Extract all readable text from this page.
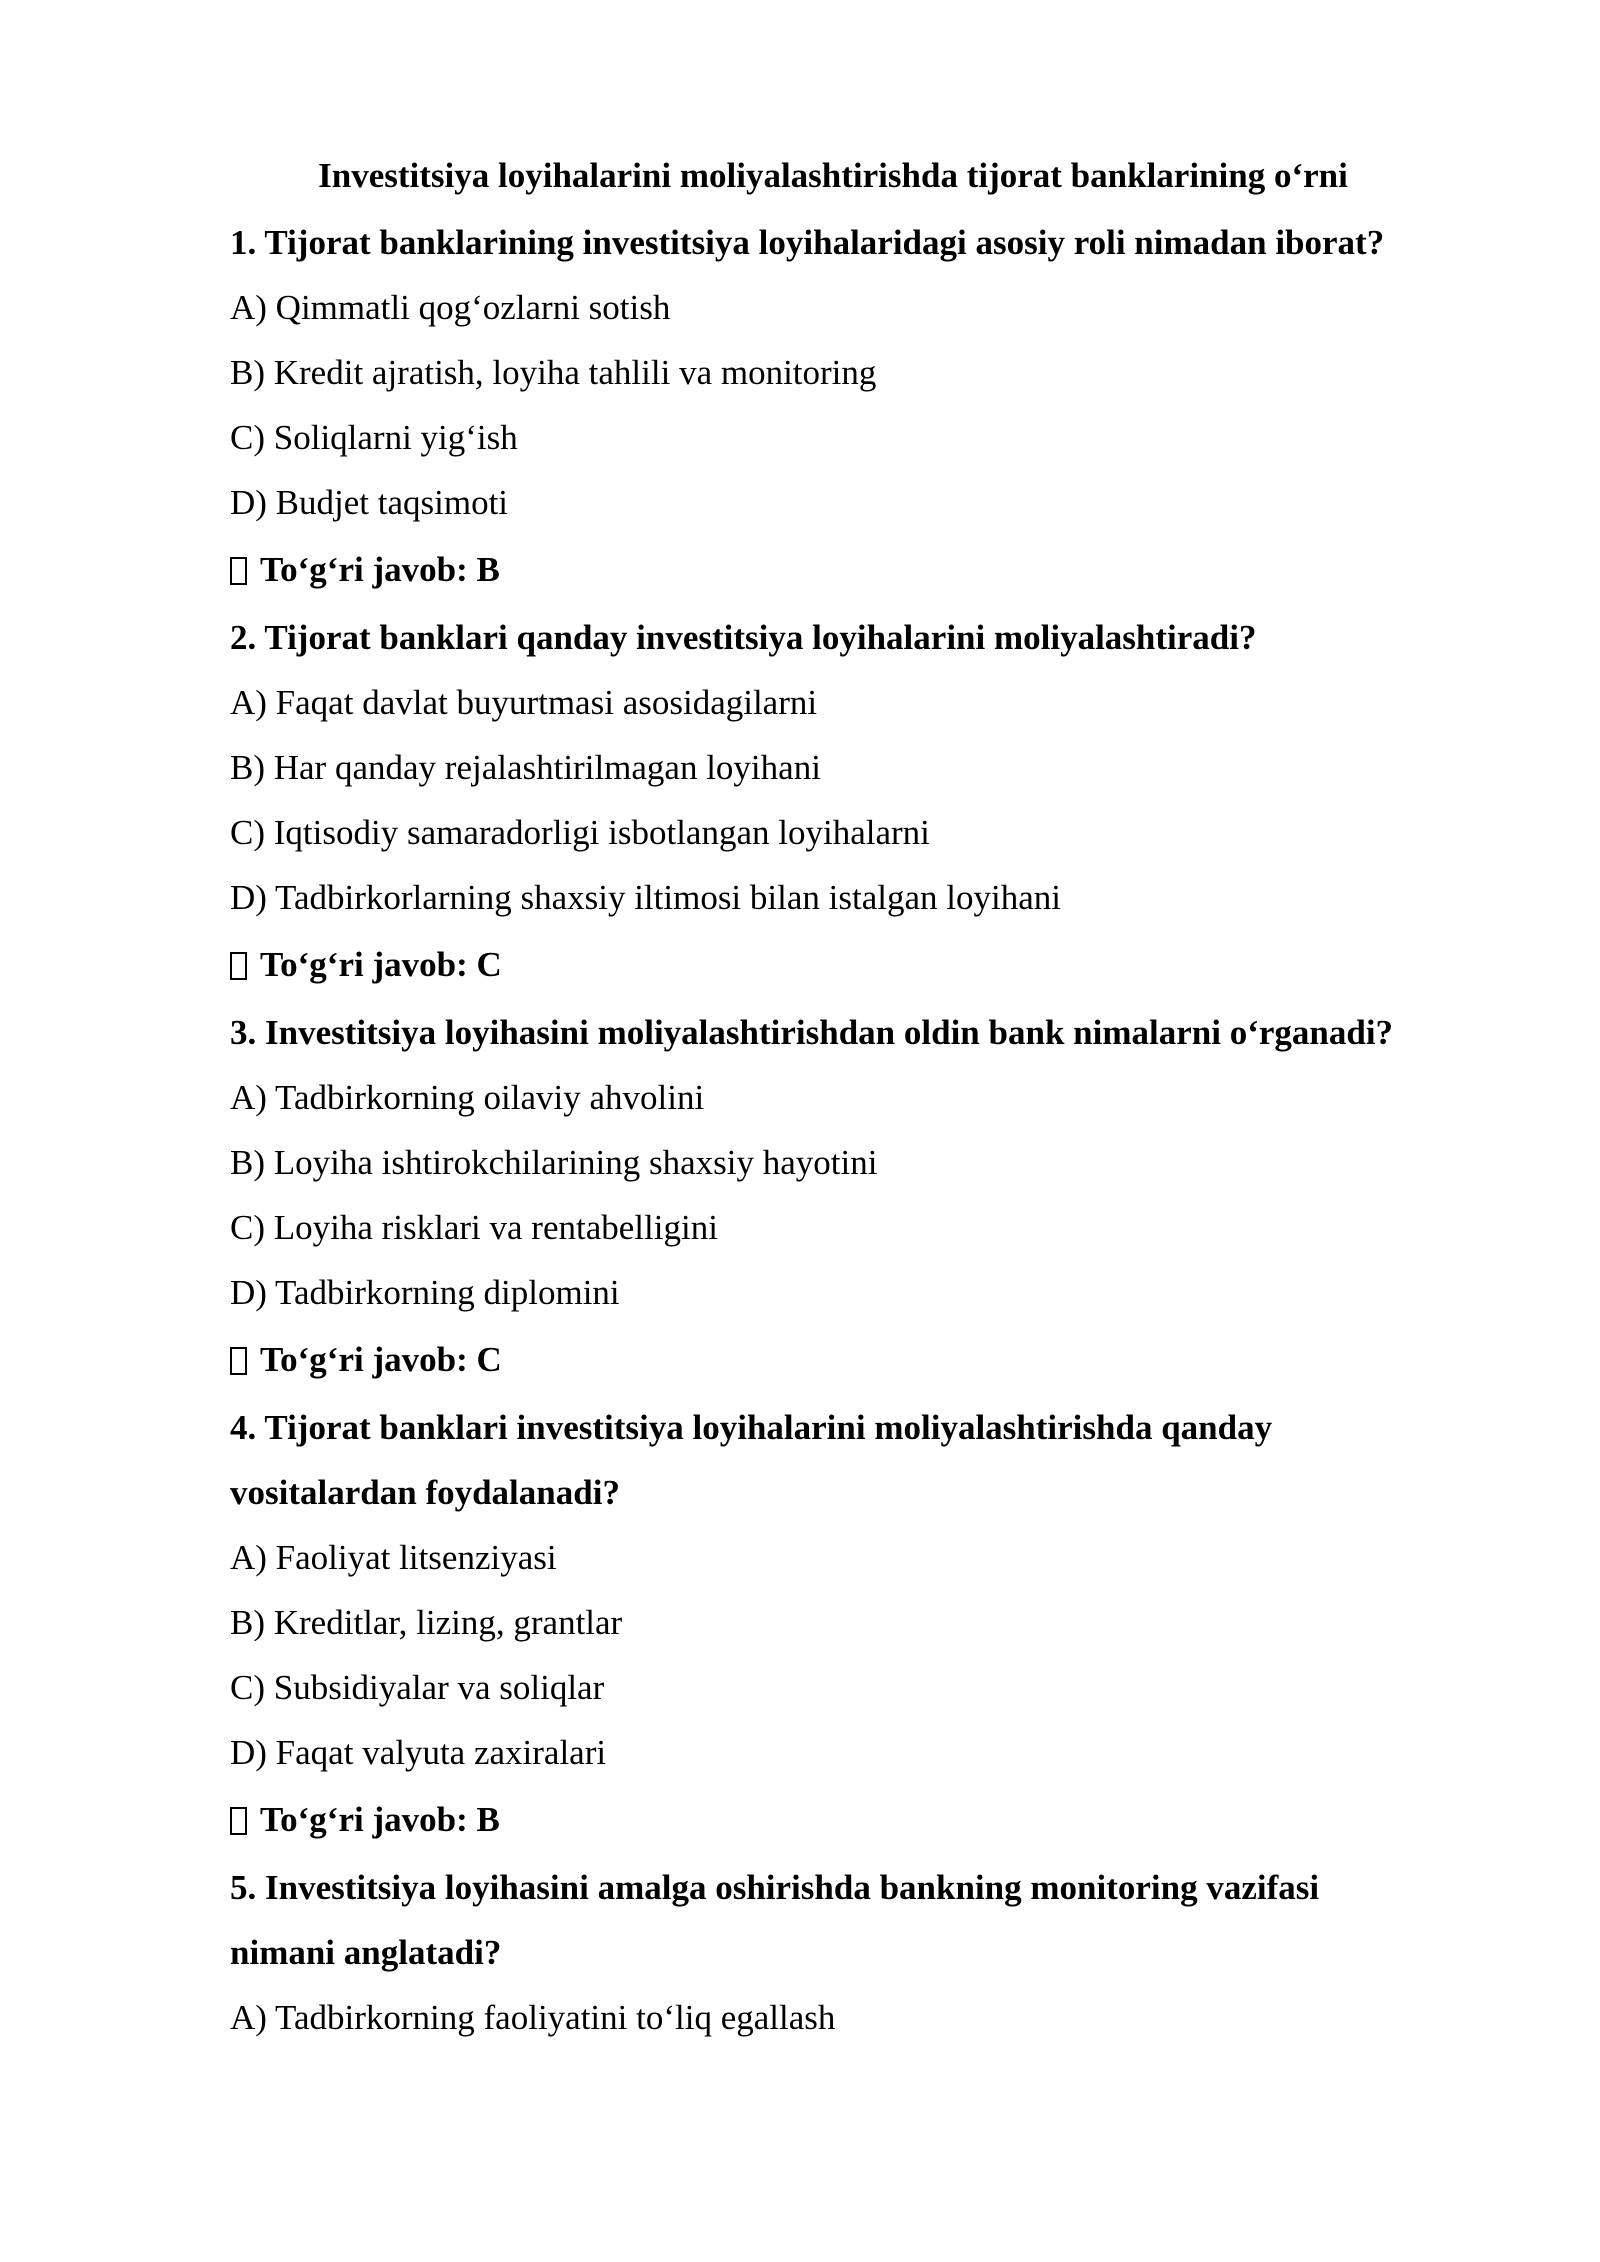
Investitsiya loyihalarini moliyalashtirishda tijorat banklarining o‘rni

1. Tijorat banklarining investitsiya loyihalaridagi asosiy roli nimadan iborat?

A) Qimmatli qog‘ozlarni sotish

B) Kredit ajratish, loyiha tahlili va monitoring

C) Soliqlarni yig‘ish

D) Budjet taqsimoti

To‘g‘ri javob: B

2. Tijorat banklari qanday investitsiya loyihalarini moliyalashtiradi?

A) Faqat davlat buyurtmasi asosidagilarni

B) Har qanday rejalashtirilmagan loyihani

C) Iqtisodiy samaradorligi isbotlangan loyihalarni

D) Tadbirkorlarning shaxsiy iltimosi bilan istalgan loyihani

To‘g‘ri javob: C

3. Investitsiya loyihasini moliyalashtirishdan oldin bank nimalarni o‘rganadi?

A) Tadbirkorning oilaviy ahvolini

B) Loyiha ishtirokchilarining shaxsiy hayotini

C) Loyiha risklari va rentabelligini

D) Tadbirkorning diplomini

To‘g‘ri javob: C

4. Tijorat banklari investitsiya loyihalarini moliyalashtirishda qanday

vositalardan foydalanadi?

A) Faoliyat litsenziyasi

B) Kreditlar, lizing, grantlar

C) Subsidiyalar va soliqlar

D) Faqat valyuta zaxiralari

To‘g‘ri javob: B

5. Investitsiya loyihasini amalga oshirishda bankning monitoring vazifasi

nimani anglatadi?

A) Tadbirkorning faoliyatini to‘liq egallash
